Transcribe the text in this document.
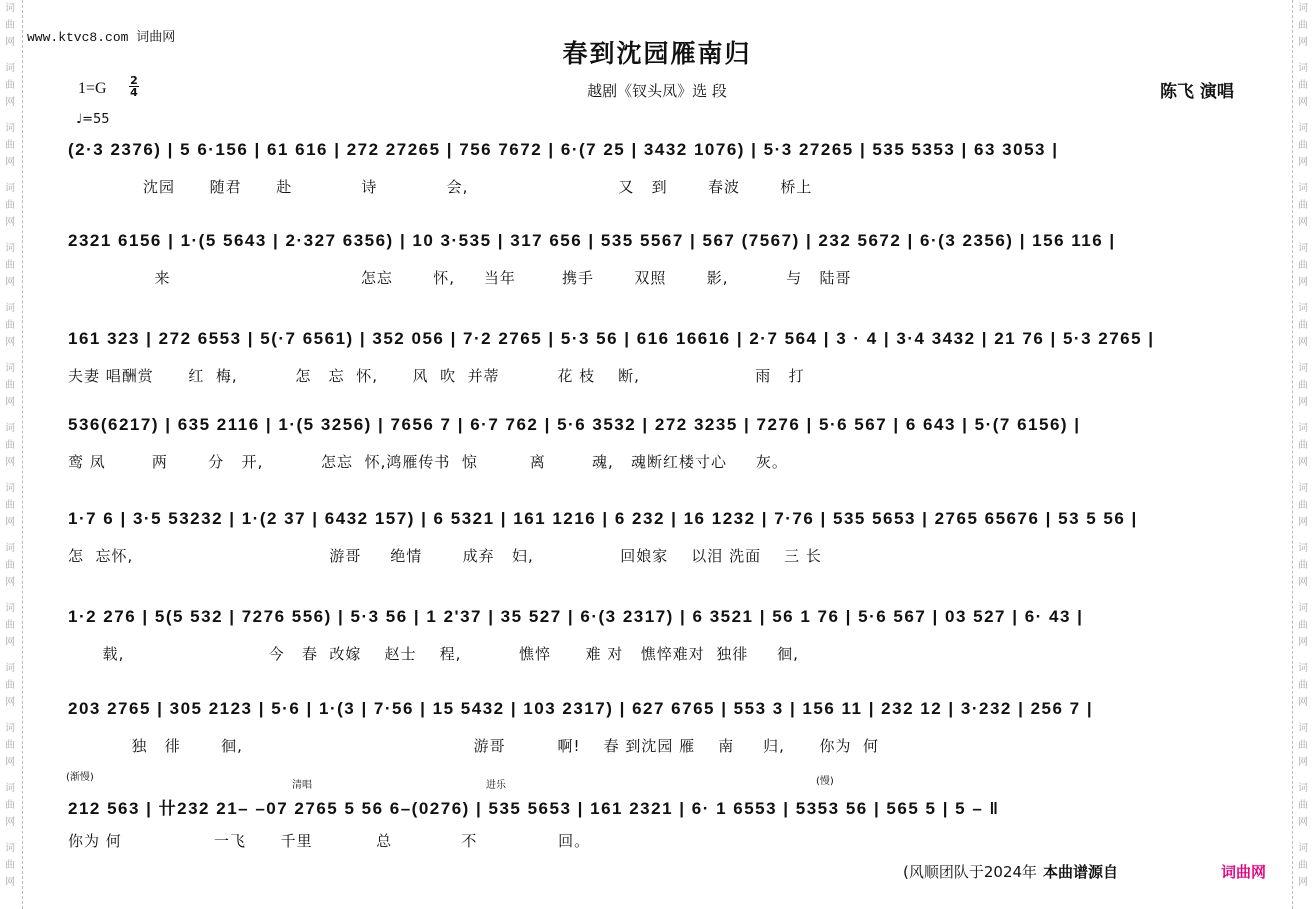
词
曲
网
词
曲
网
词
曲
网
词
曲
网
词
曲
网
词
曲
网
词
曲
网
词
曲
网
词
曲
网
词
曲
网
词
曲
网
词
曲
网
词
曲
网
词
曲
网
词
曲
网
词
曲
网
词
曲
网
词
曲
网
词
曲
网
词
曲
网
词
曲
网
词
曲
网
词
曲
网
词
曲
网
词
曲
网
词
曲
网
词
曲
网
词
曲
网
词
曲
网
词
曲
网
www.ktvc8.com 词曲网
春到沈园雁南归
越剧《钗头凤》选 段	陈飞 演唱
1=G 2
4
♩=55
(2·3 2376) | 5 6·156 | 61 616 | 272 27265 | 756 7672 | 6·(7 25 | 3432 1076) | 5·3 27265 | 535 5353 | 63 3053 |
沈园      随君      赴            诗            会,                          又   到       春波       桥上
2321 6156 | 1·(5 5643 | 2·327 6356) | 10 3·535 | 317 656 | 535 5567 | 567 (7567) | 232 5672 | 6·(3 2356) | 156 116 |
来                                 怎忘       怀,     当年        携手       双照       影,          与   陆哥
161 323 | 272 6553 | 5(·7 6561) | 352 056 | 7·2 2765 | 5·3 56 | 616 16616 | 2·7 564 | 3 · 4 | 3·4 3432 | 21 76 | 5·3 2765 |
夫妻 唱酬赏      红  梅,          怎   忘  怀,      风  吹  并蒂          花 枝    断,                    雨   打
536(6217) | 635 2116 | 1·(5 3256) | 7656 7 | 6·7 762 | 5·6 3532 | 272 3235 | 7276 | 5·6 567 | 6 643 | 5·(7 6156) |
鸾 凤        两       分   开,          怎忘  怀,鸿雁传书  惊         离        魂,   魂断红楼寸心     灰。
1·7 6 | 3·5 53232 | 1·(2 37 | 6432 157) | 6 5321 | 161 1216 | 6 232 | 16 1232 | 7·76 | 535 5653 | 2765 65676 | 53 5 56 |
怎  忘怀,                                  游哥     绝情       成弃   妇,               回娘家    以泪 洗面    三 长
1·2 276 | 5(5 532 | 7276 556) | 5·3 56 | 1 2'37 | 35 527 | 6·(3 2317) | 6 3521 | 56 1 76 | 5·6 567 | 03 527 | 6· 43 |
载,                         今   春  改嫁    赵士    程,          憔悴      难 对   憔悴难对  独徘     徊,
203 2765 | 305 2123 | 5·6 | 1·(3 | 7·56 | 15 5432 | 103 2317) | 627 6765 | 553 3 | 156 11 | 232 12 | 3·232 | 256 7 |
独   徘       徊,                                        游哥         啊!    春 到沈园 雁    南     归,      你为  何
212 563 | 卄232 21– –07 2765 5 56 6–(0276) | 535 5653 | 161 2321 | 6· 1 6553 | 5353 56 | 565 5 | 5 – ‖
你为 何                一飞      千里           总            不              回。
(渐慢)
清唱	进乐	(慢)
(风顺团队于2024年 本曲谱源自	词曲网
